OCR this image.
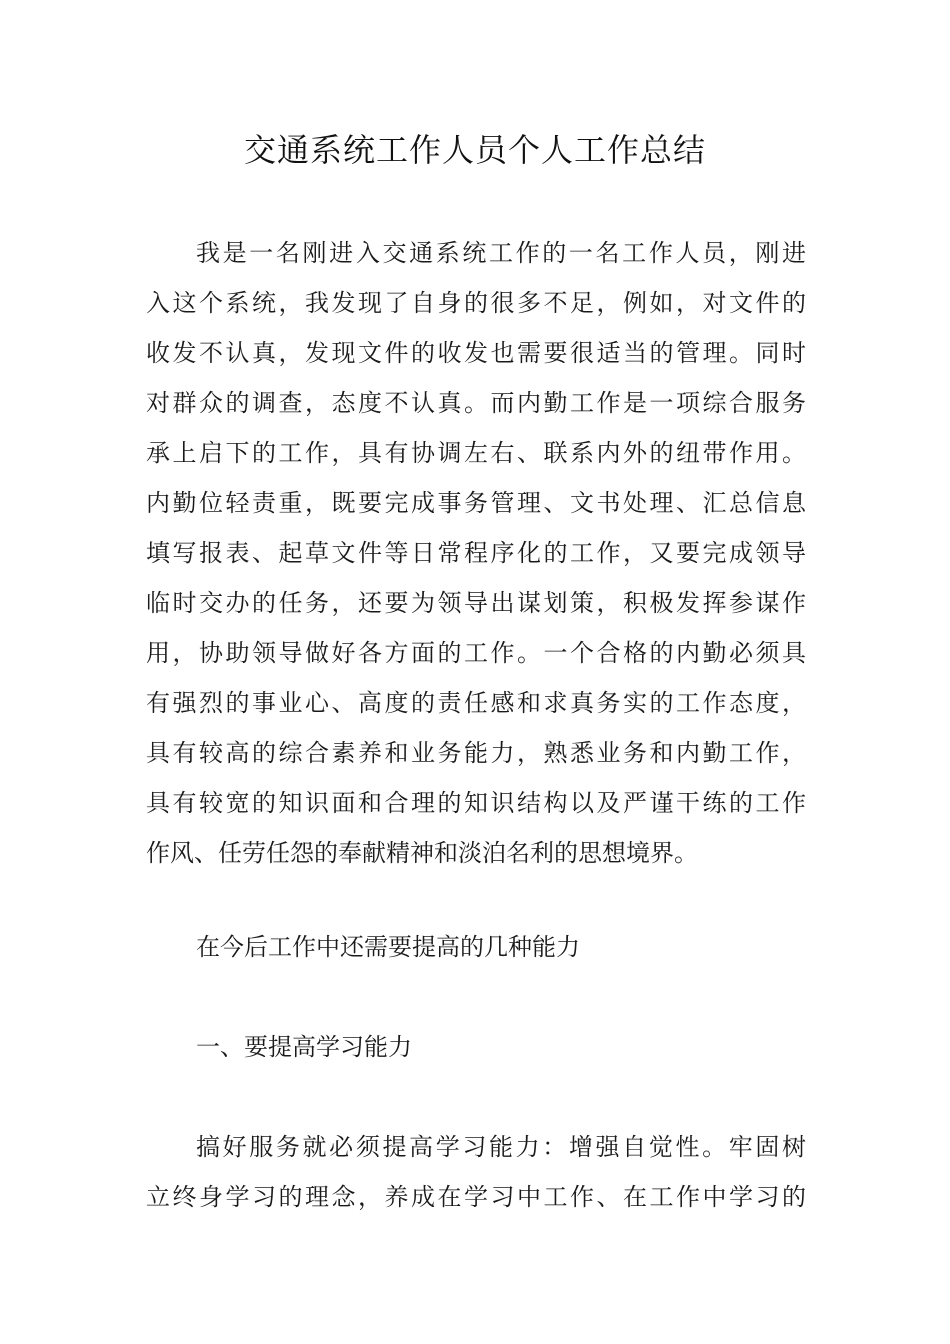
交通系统工作人员个人工作总结
我是一名刚进入交通系统工作的一名工作人员，刚进
入这个系统，我发现了自身的很多不足，例如，对文件的
收发不认真，发现文件的收发也需要很适当的管理。同时
对群众的调查，态度不认真。而内勤工作是一项综合服务
承上启下的工作，具有协调左右、联系内外的纽带作用。
内勤位轻责重，既要完成事务管理、文书处理、汇总信息
填写报表、起草文件等日常程序化的工作，又要完成领导
临时交办的任务，还要为领导出谋划策，积极发挥参谋作
用，协助领导做好各方面的工作。一个合格的内勤必须具
有强烈的事业心、高度的责任感和求真务实的工作态度，
具有较高的综合素养和业务能力，熟悉业务和内勤工作，
具有较宽的知识面和合理的知识结构以及严谨干练的工作
作风、任劳任怨的奉献精神和淡泊名利的思想境界。
在今后工作中还需要提高的几种能力
一、要提高学习能力
搞好服务就必须提高学习能力：增强自觉性。牢固树
立终身学习的理念，养成在学习中工作、在工作中学习的
